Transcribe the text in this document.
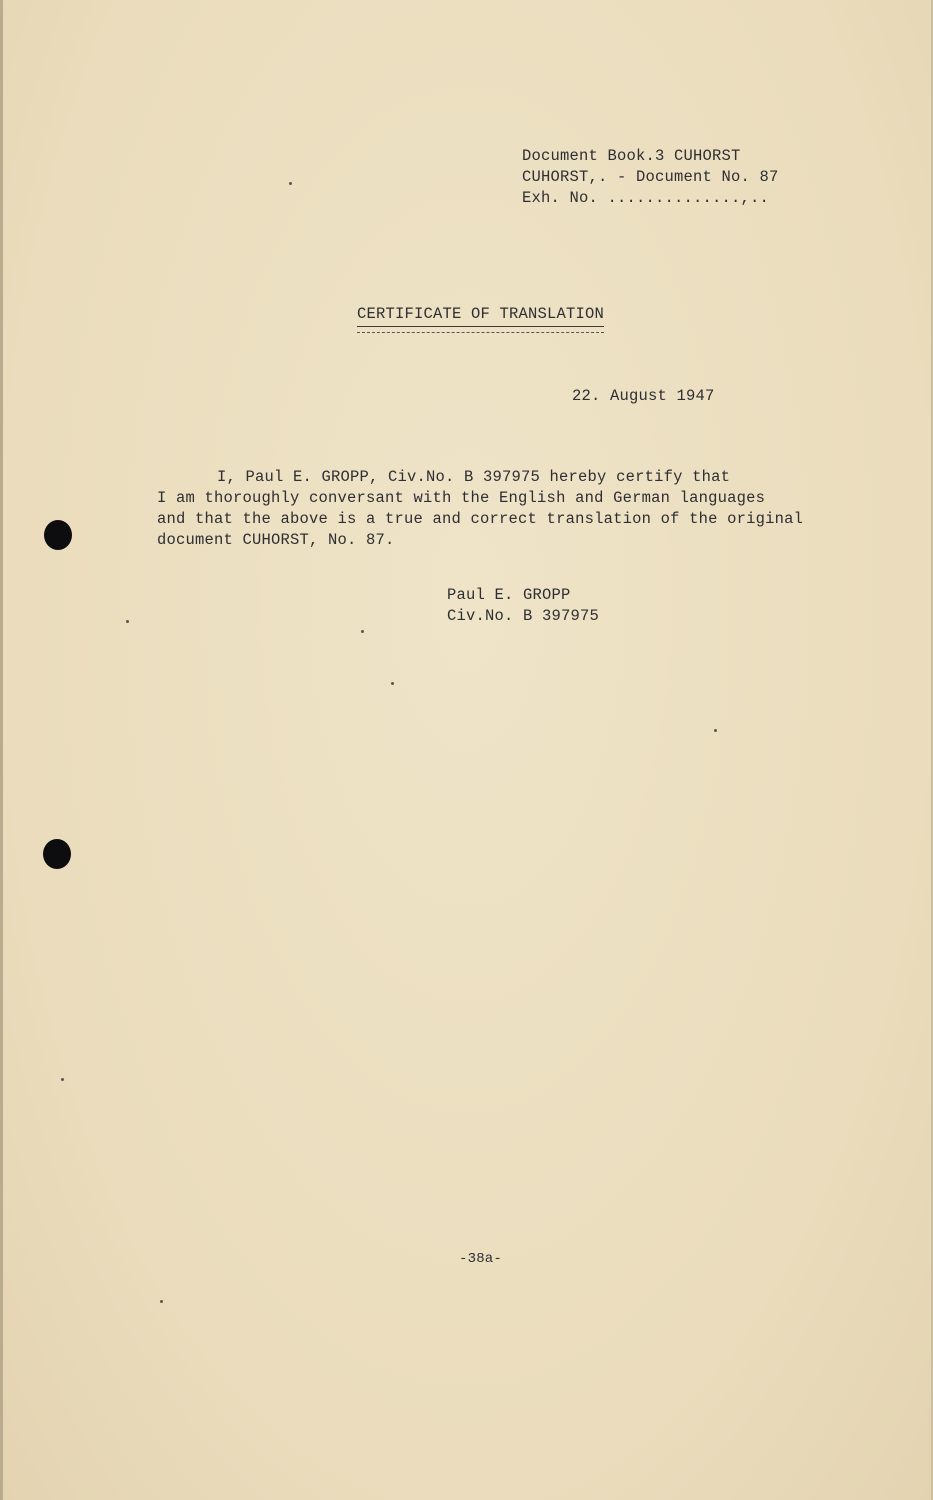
Document Book.3 CUHORST
CUHORST,. - Document No. 87
Exh. No. ..............,..
CERTIFICATE OF TRANSLATION
22. August 1947
I, Paul E. GROPP, Civ.No. B 397975 hereby certify that
I am thoroughly conversant with the English and German languages
and that the above is a true and correct translation of the original
document CUHORST, No. 87.
Paul E. GROPP
Civ.No. B 397975
-38a-
